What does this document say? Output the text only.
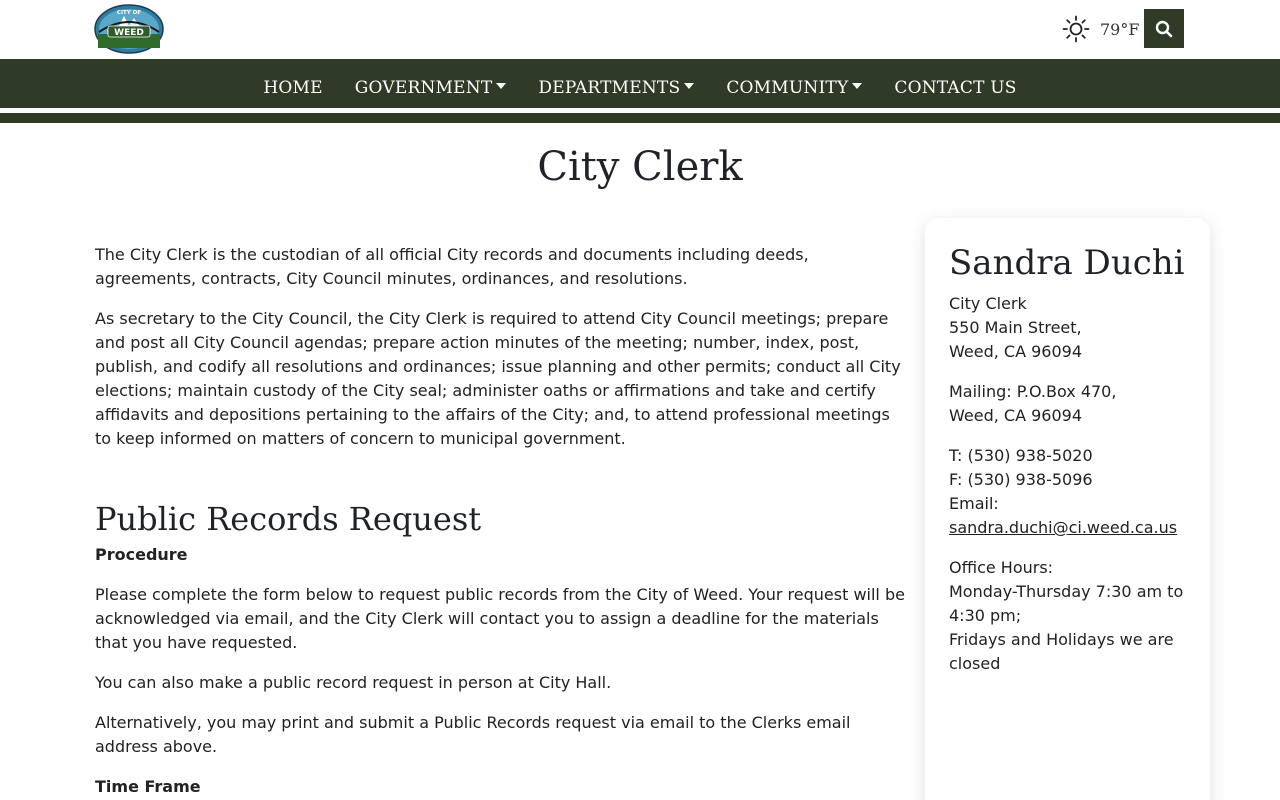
CITY OF
WEED	79°F
HOME GOVERNMENT	DEPARTMENTS	COMMUNITY	CONTACT US
City Clerk

The City Clerk is the custodian of all official City records and documents including deeds, agreements, contracts, City Council minutes, ordinances, and resolutions.

As secretary to the City Council, the City Clerk is required to attend City Council meetings; prepare and post all City Council agendas; prepare action minutes of the meeting; number, index, post, publish, and codify all resolutions and ordinances; issue planning and other permits; conduct all City elections; maintain custody of the City seal; administer oaths or affirmations and take and certify affidavits and depositions pertaining to the affairs of the City; and, to attend professional meetings to keep informed on matters of concern to municipal government.

Public Records Request

Procedure

Please complete the form below to request public records from the City of Weed. Your request will be acknowledged via email, and the City Clerk will contact you to assign a deadline for the materials that you have requested.

You can also make a public record request in person at City Hall.

Alternatively, you may print and submit a Public Records request via email to the Clerks email address above.

Time Frame

Sandra Duchi
City Clerk
550 Main Street,
Weed, CA 96094
Mailing: P.O.Box 470,
Weed, CA 96094
T: (530) 938-5020
F: (530) 938-5096
Email:
sandra.duchi@ci.weed.ca.us
Office Hours:
Monday-Thursday 7:30 am to 4:30 pm;
Fridays and Holidays we are closed
